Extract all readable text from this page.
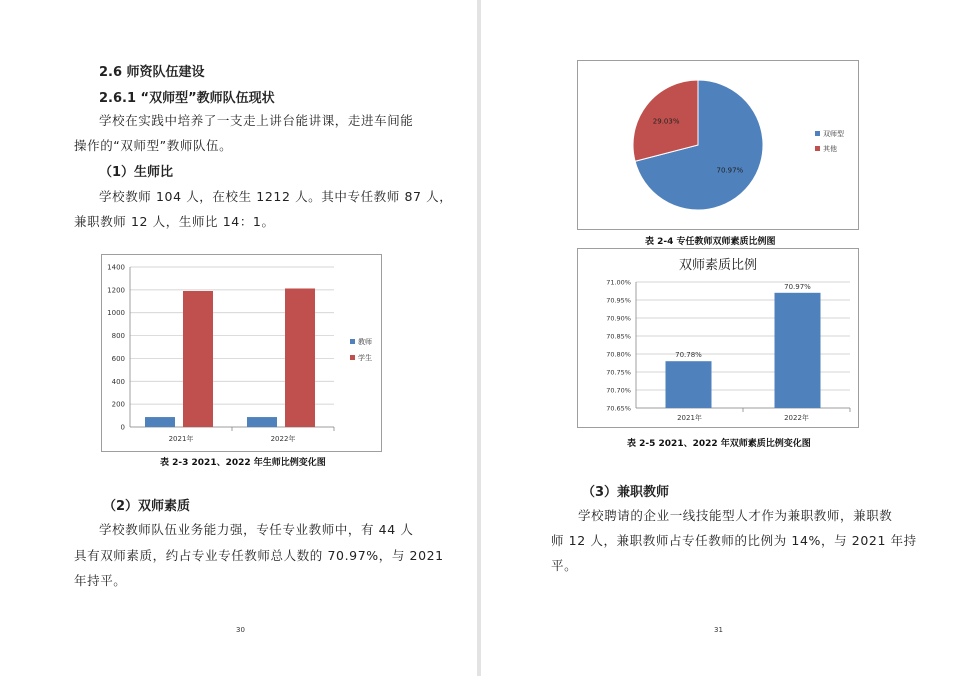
2.6 师资队伍建设
2.6.1 “双师型”教师队伍现状
学校在实践中培养了一支走上讲台能讲课，走进车间能
操作的“双师型”教师队伍。
（1）生师比
学校教师 104 人，在校生 1212 人。其中专任教师 87 人，
兼职教师 12 人，生师比 14：1。
0
200
400
600
800
1000
1200
1400
2021年	2022年
教师
学生
表 2-3 2021、2022 年生师比例变化图
（2）双师素质
学校教师队伍业务能力强，专任专业教师中，有 44 人
具有双师素质，约占专业专任教师总人数的 70.97%，与 2021
年持平。
30
70.97%
29.03%
双师型
其他
表 2-4 专任教师双师素质比例图
双师素质比例
70.65%
70.70%
70.75%
70.80%
70.85%
70.90%
70.95%
71.00%
70.78%
2021年
70.97%
2022年
表 2-5 2021、2022 年双师素质比例变化图
（3）兼职教师
学校聘请的企业一线技能型人才作为兼职教师，兼职教
师 12 人，兼职教师占专任教师的比例为 14%，与 2021 年持
平。
31
